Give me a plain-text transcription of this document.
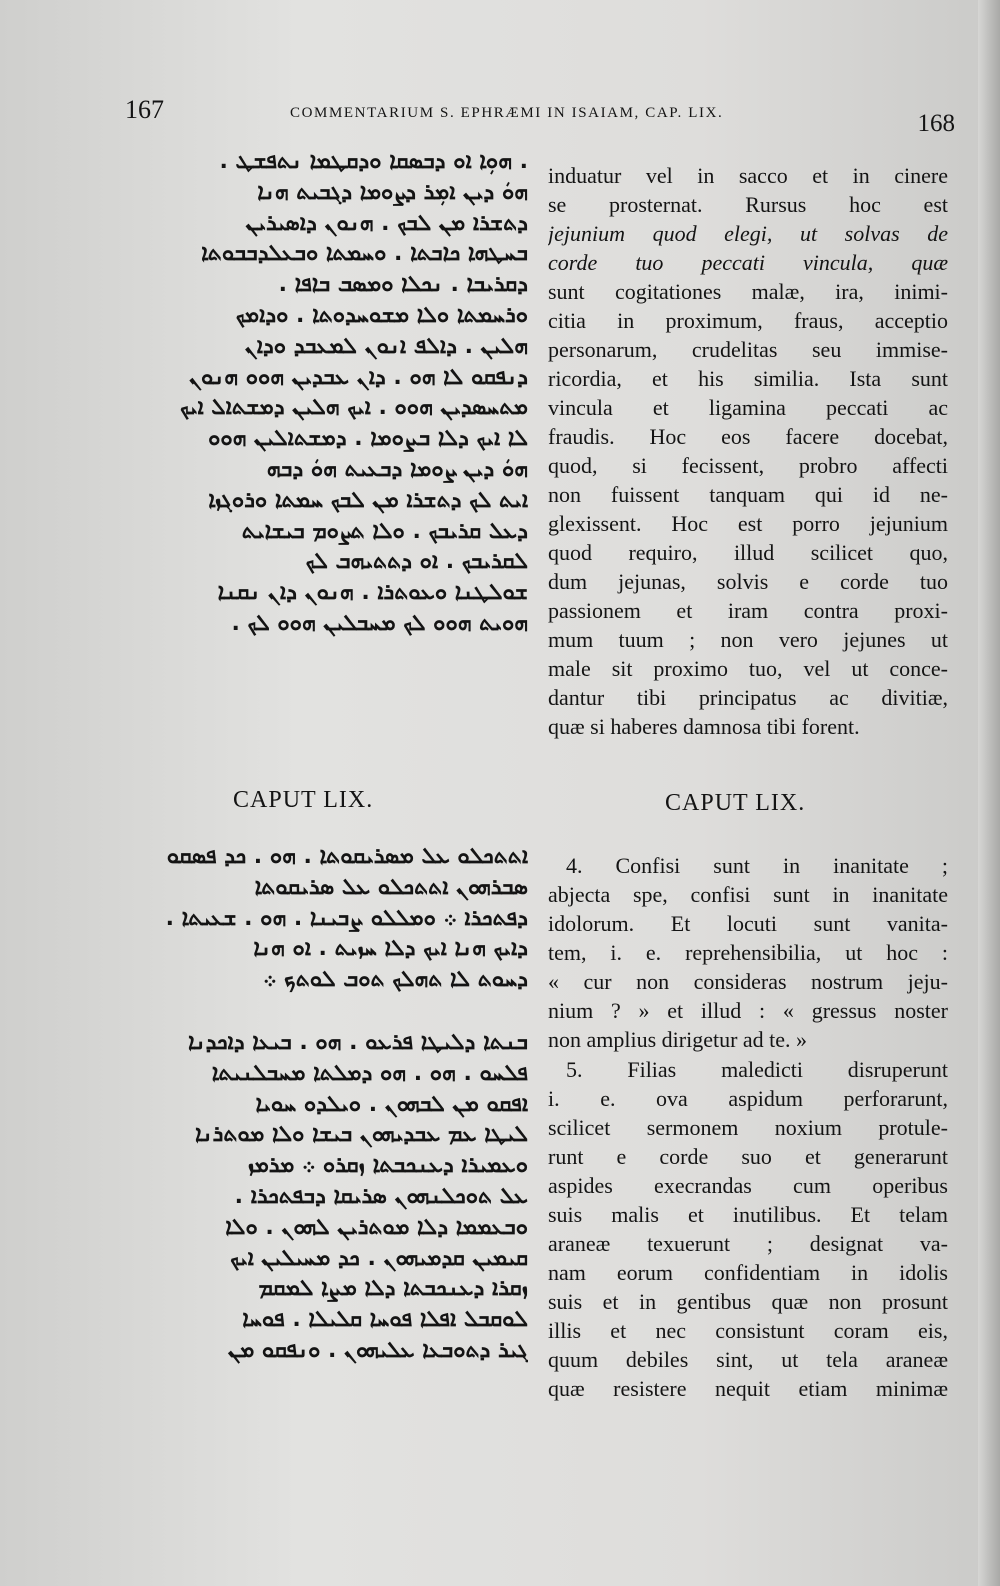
167	COMMENTARIUM S. EPHRÆMI IN ISAIAM, CAP. LIX.	168
. ܗܘܼܐ ܐܘ ܕܒܣܩܐ ܘܕܩܛܡܐ ܢܬܦܫܛ .
ܗܘܿ ܕܝܢ ܐܡܼܪ ܕܨܘܡܐ ܕܓܒܝܬ ܗܢܐ
ܕܬܫܪܐ ܡܢ ܠܒܟ . ܗܢܘܢ ܕܐܣܝܪܝܢ
ܒܚܛܗܐ ܟܐܒܬܐ . ܘܚܡܬܐ ܘܒܥܠܕܒܒܘܬܐ
ܕܩܪܝܒܐ . ܢܟܠܐ ܘܡܣܒ ܒܐܦܐ .
ܘܪܚܡܬܐ ܘܠܐ ܡܫܘܚܕܘܬܐ . ܘܕܐܡܟ
ܗܠܝܢ . ܕܐܠܦ ܐܢܘܢ ܠܡܥܒܕ ܘܕܐܢ
ܕܢܦܩܘ ܠܐ ܗܘ . ܕܐܢ ܥܒܕܝܢ ܗܘܘ ܗܢܘܢ
ܡܬܚܣܕܝܢ ܗܘܘ . ܐܝܟ ܗܠܝܢ ܕܡܫܬܐܠ ܐܝܟ
ܠܐ ܐܝܟ ܕܠܐ ܒܨܘܡܐ . ܕܡܫܬܐܠܝܢ ܗܘܘ
ܗܘܿ ܕܝܢ ܨܘܡܐ ܕܒܥܝܬ ܗܘܿ ܕܒܗ
ܐܝܬ ܠܟ ܕܬܫܪܐ ܡܢ ܠܒܟ ܚܡܬܐ ܘܪܘܓܙܐ
ܕܥܠ ܩܪܝܒܟ . ܘܠܐ ܬܨܘܡ ܒܝܫܐܝܬ
ܠܩܪܝܒܟ . ܐܘ ܕܬܬܝܗܒ ܠܟ
ܫܘܠܛܢܐ ܘܥܘܬܪܐ . ܗܢܘܢ ܕܐܢ ܢܩܢܐ
ܗܘܝܬ ܗܘܘ ܠܟ ܡܚܒܠܝܢ ܗܘܘ ܠܟ .
induatur vel in sacco et in cinere
se prosternat. Rursus hoc est
jejunium quod elegi, ut solvas de
corde tuo peccati vincula, quæ
sunt cogitationes malæ, ira, inimi-
citia in proximum, fraus, acceptio
personarum, crudelitas seu immise-
ricordia, et his similia. Ista sunt
vincula et ligamina peccati ac
fraudis. Hoc eos facere docebat,
quod, si fecissent, probro affecti
non fuissent tanquam qui id ne-
glexissent. Hoc est porro jejunium
quod requiro, illud scilicet quo,
dum jejunas, solvis e corde tuo
passionem et iram contra proxi-
mum tuum ; non vero jejunes ut
male sit proximo tuo, vel ut conce-
dantur tibi principatus ac divitiæ,
quæ si haberes damnosa tibi forent.
CAPUT LIX.	CAPUT LIX.
ܐܬܬܟܠܘ ܥܠ ܡܣܪܝܩܘܬܐ . ܗܘ . ܟܕ ܦܣܩܘ
ܣܒܪܗܘܢ ܐܬܬܟܠܘ ܥܠ ܣܪܝܩܘܬܐ
ܕܦܬܟܪܐ ܀ ܘܡܠܠܘ ܨܒܝܢܐ . ܗܘ . ܫܥܝܬܐ .
ܕܐܝܟ ܗܢܐ ܐܝܟ ܕܠܐ ܚܙܝܬ . ܐܘ ܗܢܐ
ܕܚܘܬ ܠܐ ܬܗܠܟ ܬܘܒ ܠܘܬܟ ܀
ܒܢܬܐ ܕܠܝܛܐ ܦܪܥܘ . ܗܘ . ܒܝܥܐ ܕܐܟܕܢܐ
ܦܠܚܘ . ܗܘ . ܗܘ ܕܡܠܬܐ ܡܚܒܠܢܝܬܐ
ܐܦܩܘ ܡܢ ܠܒܗܘܢ . ܘܝܠܕܘ ܚܘܝܐ
ܠܝܛܐ ܥܡ ܥܒܕܝܗܘܢ ܒܝܫܐ ܘܠܐ ܡܘܬܪܢܐ
ܘܥܡܝܪܐ ܕܥܢܟܒܬܐ ܙܩܪܘ ܀ ܡܪܡܙ
ܥܠ ܬܘܟܠܢܗܘܢ ܣܪܝܩܐ ܕܒܦܬܟܪܐ .
ܘܒܥܡܡܐ ܕܠܐ ܡܘܬܪܝܢ ܠܗܘܢ . ܘܠܐ
ܩܝܡܝܢ ܩܕܡܝܗܘܢ . ܟܕ ܡܚܝܠܝܢ ܐܝܟ
ܙܩܪܐ ܕܥܢܟܒܬܐ ܕܠܐ ܡܨܐ ܠܡܩܡ
ܠܘܩܒܠ ܐܦܠܐ ܦܘܚܐ ܩܠܝܠܐ . ܦܘܚܐ
ܓܝܪ ܕܬܘܒܥܐ ܥܠܝܗܘܢ . ܘܢܦܩܘ ܡܢ
4. Confisi sunt in inanitate ;
abjecta spe, confisi sunt in inanitate
idolorum. Et locuti sunt vanita-
tem, i. e. reprehensibilia, ut hoc :
« cur non consideras nostrum jeju-
nium ? » et illud : « gressus noster
non amplius dirigetur ad te. »
5. Filias maledicti disruperunt
i. e. ova aspidum perforarunt,
scilicet sermonem noxium protule-
runt e corde suo et generarunt
aspides execrandas cum operibus
suis malis et inutilibus. Et telam
araneæ texuerunt ; designat va-
nam eorum confidentiam in idolis
suis et in gentibus quæ non prosunt
illis et nec consistunt coram eis,
quum debiles sint, ut tela araneæ
quæ resistere nequit etiam minimæ
